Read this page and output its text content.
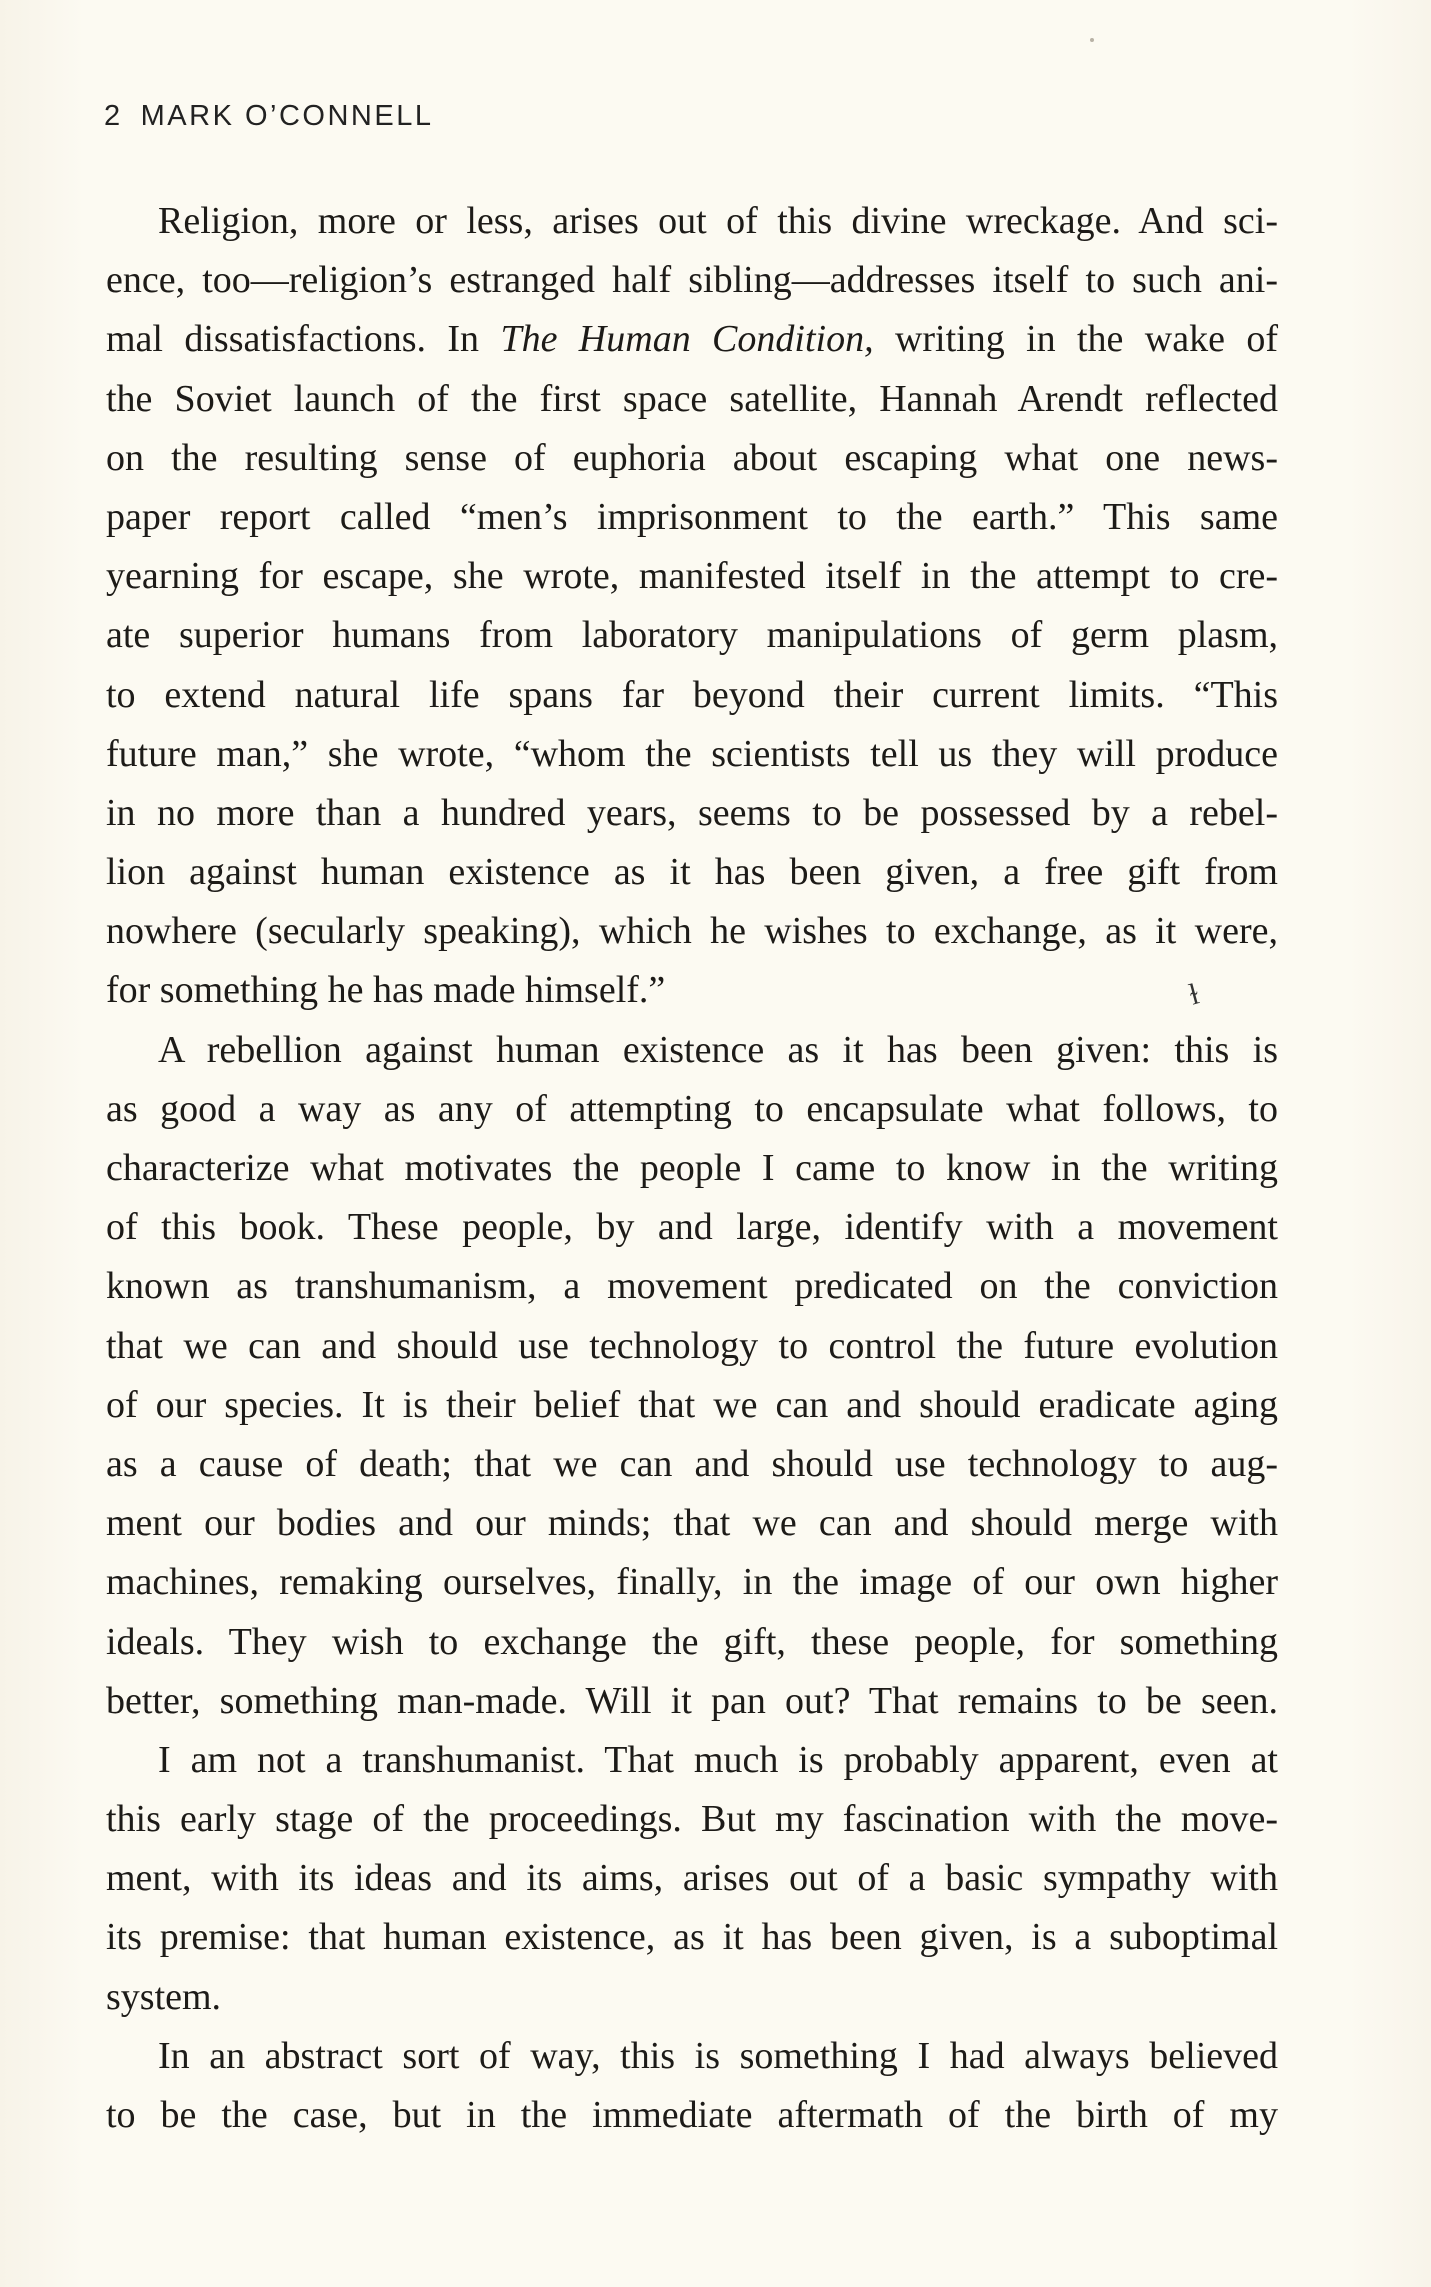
2 MARK O’CONNELL
Religion, more or less, arises out of this divine wreckage. And sci-
ence, too—religion’s estranged half sibling—addresses itself to such ani-
mal dissatisfactions. In The Human Condition, writing in the wake of
the Soviet launch of the first space satellite, Hannah Arendt reflected
on the resulting sense of euphoria about escaping what one news-
paper report called “men’s imprisonment to the earth.” This same
yearning for escape, she wrote, manifested itself in the attempt to cre-
ate superior humans from laboratory manipulations of germ plasm,
to extend natural life spans far beyond their current limits. “This
future man,” she wrote, “whom the scientists tell us they will produce
in no more than a hundred years, seems to be possessed by a rebel-
lion against human existence as it has been given, a free gift from
nowhere (secularly speaking), which he wishes to exchange, as it were,
for something he has made himself.”
A rebellion against human existence as it has been given: this is
as good a way as any of attempting to encapsulate what follows, to
characterize what motivates the people I came to know in the writing
of this book. These people, by and large, identify with a movement
known as transhumanism, a movement predicated on the conviction
that we can and should use technology to control the future evolution
of our species. It is their belief that we can and should eradicate aging
as a cause of death; that we can and should use technology to aug-
ment our bodies and our minds; that we can and should merge with
machines, remaking ourselves, finally, in the image of our own higher
ideals. They wish to exchange the gift, these people, for something
better, something man-made. Will it pan out? That remains to be seen.
I am not a transhumanist. That much is probably apparent, even at
this early stage of the proceedings. But my fascination with the move-
ment, with its ideas and its aims, arises out of a basic sympathy with
its premise: that human existence, as it has been given, is a suboptimal
system.
In an abstract sort of way, this is something I had always believed
to be the case, but in the immediate aftermath of the birth of my
ɫ
